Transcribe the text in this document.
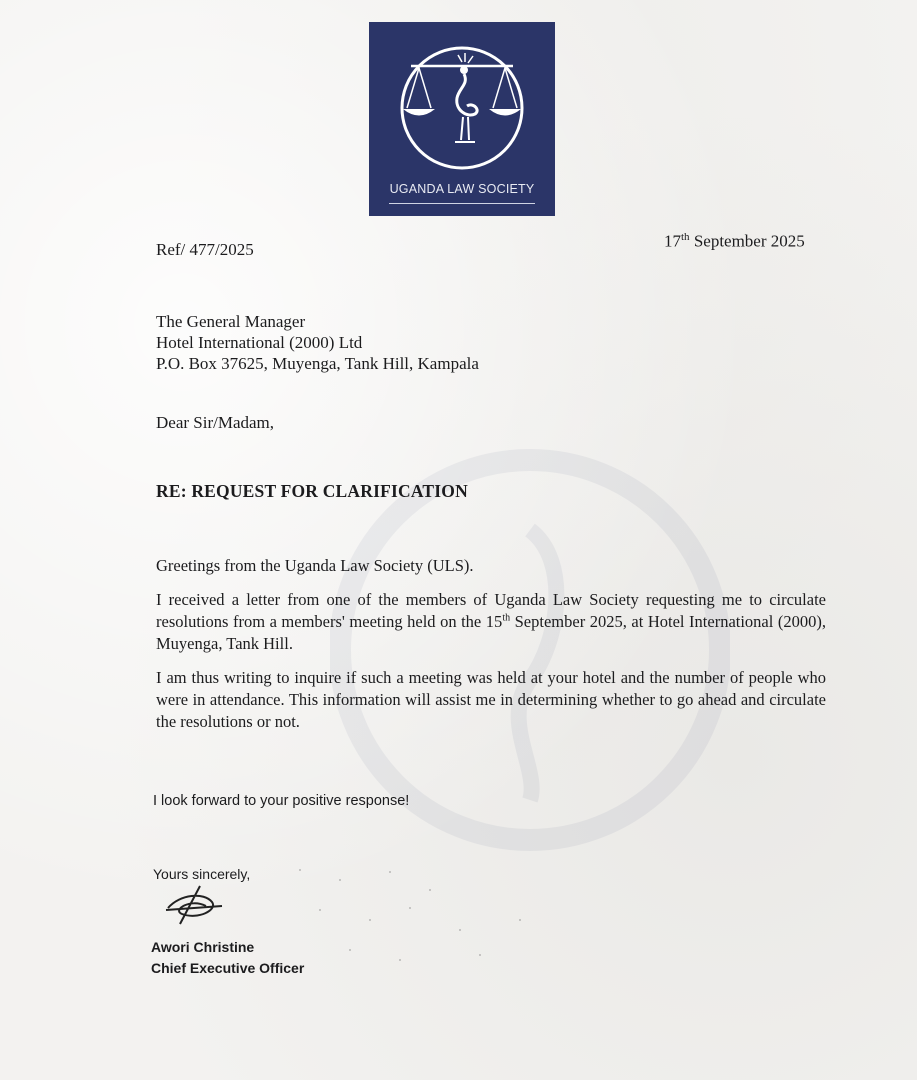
UGANDA LAW SOCIETY
Ref/ 477/2025	17th September 2025
The General Manager
Hotel International (2000) Ltd
P.O. Box 37625, Muyenga, Tank Hill, Kampala
Dear Sir/Madam,
RE: REQUEST FOR CLARIFICATION
Greetings from the Uganda Law Society (ULS).
I received a letter from one of the members of Uganda Law Society requesting me to circulate resolutions from a members' meeting held on the 15th September 2025, at Hotel International (2000), Muyenga, Tank Hill.
I am thus writing to inquire if such a meeting was held at your hotel and the number of people who were in attendance. This information will assist me in determining whether to go ahead and circulate the resolutions or not.
I look forward to your positive response!
Yours sincerely,
Awori Christine
Chief Executive Officer
